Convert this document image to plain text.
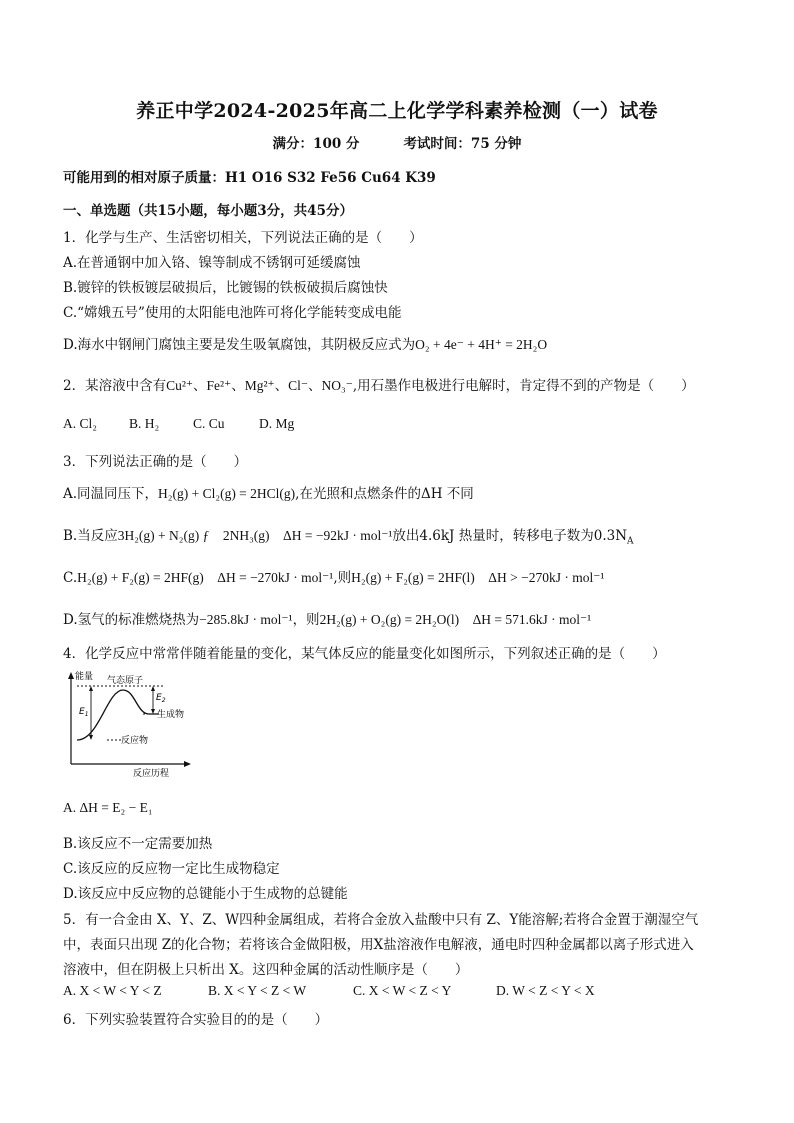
养正中学2024-2025年高二上化学学科素养检测（一）试卷
满分：100 分	考试时间：75 分钟
可能用到的相对原子质量：H1 O16 S32 Fe56 Cu64 K39
一、单选题（共15小题，每小题3分，共45分）
1．化学与生产、生活密切相关，下列说法正确的是（　　）
A.在普通钢中加入铬、镍等制成不锈钢可延缓腐蚀
B.镀锌的铁板镀层破损后，比镀锡的铁板破损后腐蚀快
C.“嫦娥五号”使用的太阳能电池阵可将化学能转变成电能
D.海水中钢闸门腐蚀主要是发生吸氧腐蚀，其阴极反应式为O₂ + 4e⁻ + 4H⁺ = 2H₂O
2．某溶液中含有Cu²⁺、Fe²⁺、Mg²⁺、Cl⁻、NO₃⁻,用石墨作电极进行电解时，肯定得不到的产物是（　　）
A. Cl₂ B. H₂	C. Cu	D. Mg
3．下列说法正确的是（　　）
A.同温同压下，H₂(g) + Cl₂(g) = 2HCl(g),在光照和点燃条件的ΔH 不同
B.当反应3H₂(g) + N₂(g) ƒ　2NH₃(g)　ΔH = −92kJ · mol⁻¹放出4.6kJ 热量时，转移电子数为$0.3N_A$
C.H₂(g) + F₂(g) = 2HF(g)　ΔH = −270kJ · mol⁻¹,则H₂(g) + F₂(g) = 2HF(l)　ΔH > −270kJ · mol⁻¹
D.氢气的标准燃烧热为−285.8kJ · mol⁻¹，则2H₂(g) + O₂(g) = 2H₂O(l)　ΔH = 571.6kJ · mol⁻¹
4．化学反应中常常伴随着能量的变化，某气体反应的能量变化如图所示，下列叙述正确的是（　　）
能量 气态原子
$E_1$
$E_2$
生成物
反应物
反应历程
A. ΔH = E₂ − E₁
B.该反应不一定需要加热
C.该反应的反应物一定比生成物稳定
D.该反应中反应物的总键能小于生成物的总键能
5．有一合金由 X、Y、Z、W四种金属组成，若将合金放入盐酸中只有 Z、Y能溶解;若将合金置于潮湿空气
中，表面只出现 Z的化合物；若将该合金做阳极，用X盐溶液作电解液，通电时四种金属都以离子形式进入
溶液中，但在阴极上只析出 X。这四种金属的活动性顺序是（　　）
A. X < W < Y < Z	B. X < Y < Z < W	C. X < W < Z < Y	D. W < Z < Y < X
6．下列实验装置符合实验目的的是（　　）
